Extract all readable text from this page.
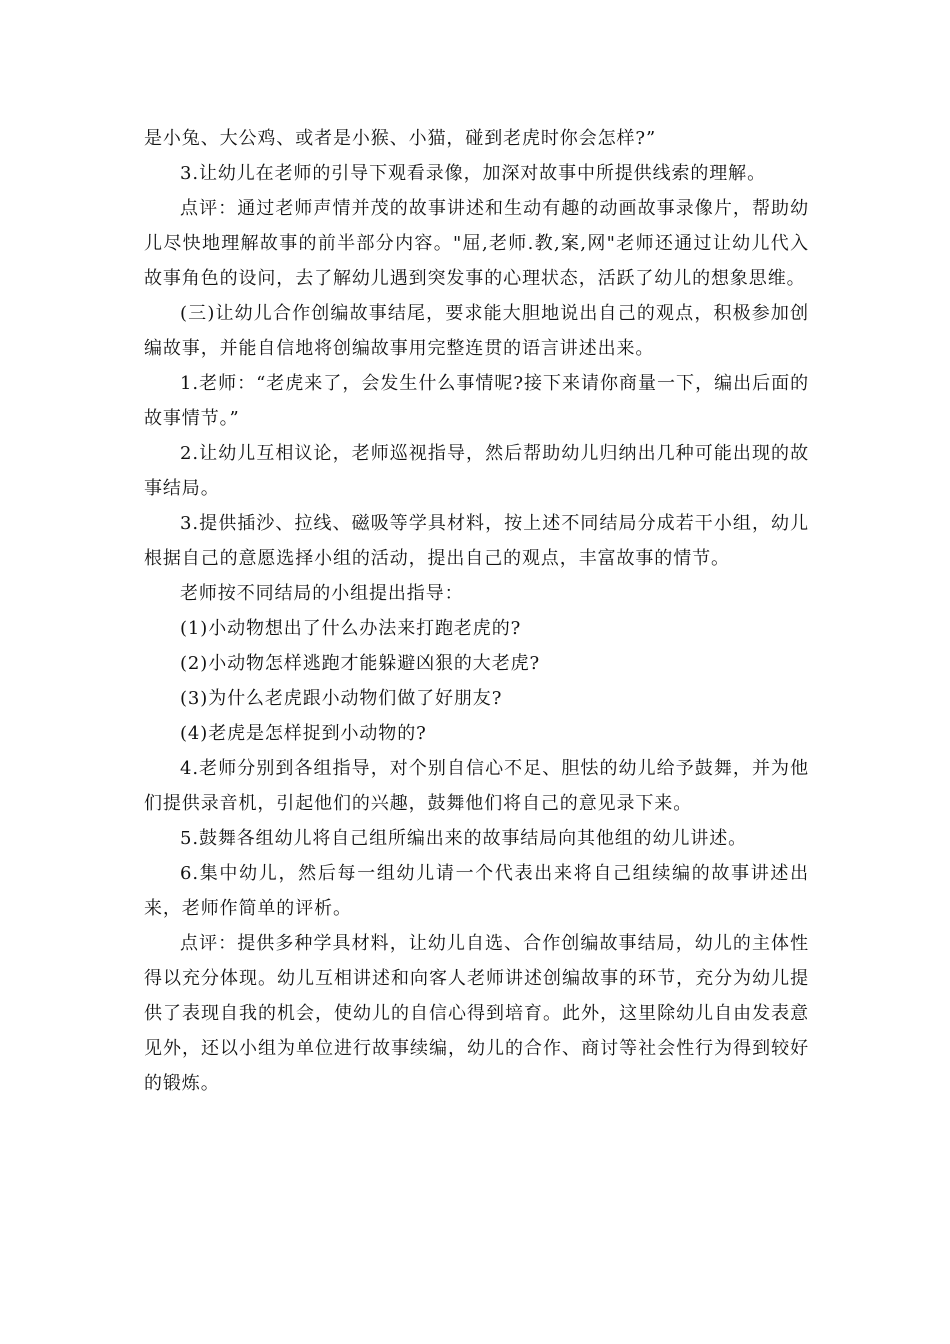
是小兔、大公鸡、或者是小猴、小猫，碰到老虎时你会怎样?”

3.让幼儿在老师的引导下观看录像，加深对故事中所提供线索的理解。

点评：通过老师声情并茂的故事讲述和生动有趣的动画故事录像片，帮助幼儿尽快地理解故事的前半部分内容。"屈,老师.教,案,网"老师还通过让幼儿代入故事角色的设问，去了解幼儿遇到突发事的心理状态，活跃了幼儿的想象思维。

(三)让幼儿合作创编故事结尾，要求能大胆地说出自己的观点，积极参加创编故事，并能自信地将创编故事用完整连贯的语言讲述出来。

1.老师：“老虎来了，会发生什么事情呢?接下来请你商量一下，编出后面的故事情节。”

2.让幼儿互相议论，老师巡视指导，然后帮助幼儿归纳出几种可能出现的故事结局。

3.提供插沙、拉线、磁吸等学具材料，按上述不同结局分成若干小组，幼儿根据自己的意愿选择小组的活动，提出自己的观点，丰富故事的情节。

老师按不同结局的小组提出指导：

(1)小动物想出了什么办法来打跑老虎的?

(2)小动物怎样逃跑才能躲避凶狠的大老虎?

(3)为什么老虎跟小动物们做了好朋友?

(4)老虎是怎样捉到小动物的?

4.老师分别到各组指导，对个别自信心不足、胆怯的幼儿给予鼓舞，并为他们提供录音机，引起他们的兴趣，鼓舞他们将自己的意见录下来。

5.鼓舞各组幼儿将自己组所编出来的故事结局向其他组的幼儿讲述。

6.集中幼儿，然后每一组幼儿请一个代表出来将自己组续编的故事讲述出来，老师作简单的评析。

点评：提供多种学具材料，让幼儿自选、合作创编故事结局，幼儿的主体性得以充分体现。幼儿互相讲述和向客人老师讲述创编故事的环节，充分为幼儿提供了表现自我的机会，使幼儿的自信心得到培育。此外，这里除幼儿自由发表意见外，还以小组为单位进行故事续编，幼儿的合作、商讨等社会性行为得到较好的锻炼。
